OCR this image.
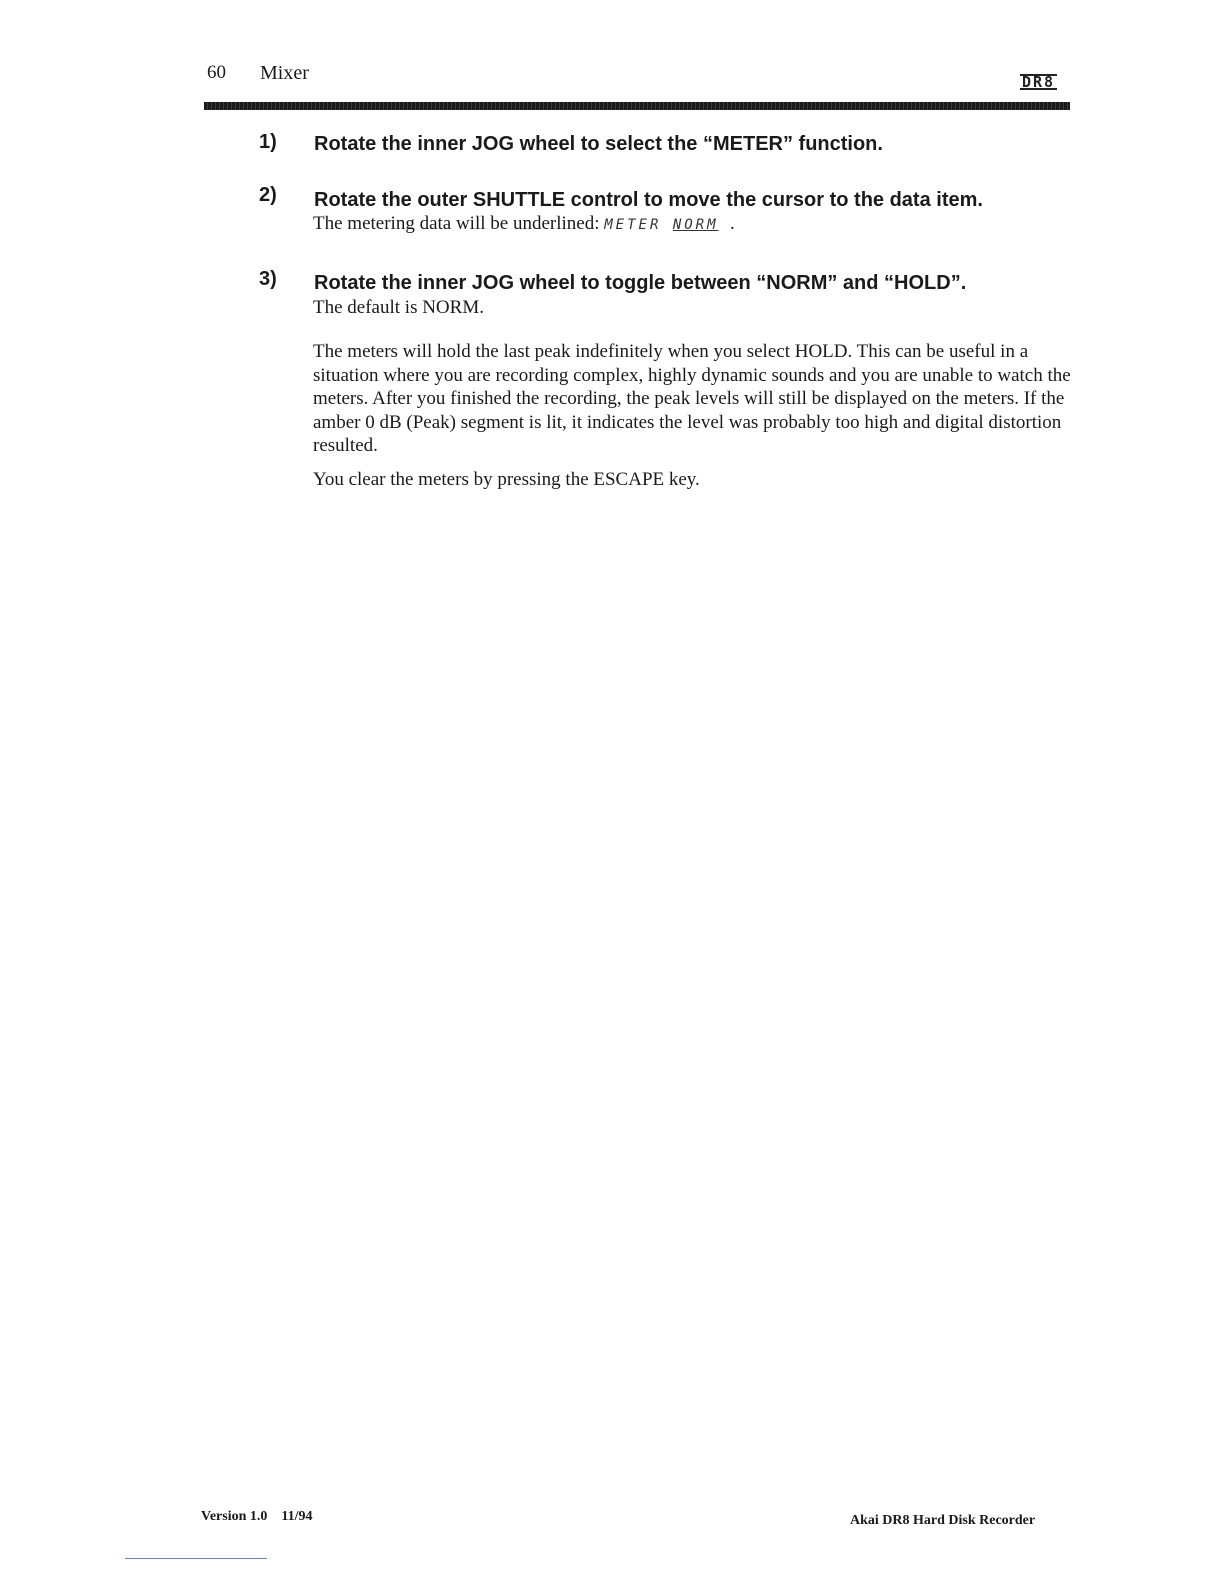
60 Mixer	DR8
1) Rotate the inner JOG wheel to select the “METER” function.
2) Rotate the outer SHUTTLE control to move the cursor to the data item.
The metering data will be underlined: METER NORM .
3) Rotate the inner JOG wheel to toggle between “NORM” and “HOLD”.
The default is NORM.
The meters will hold the last peak indefinitely when you select HOLD. This can be useful in a situation where you are recording complex, highly dynamic sounds and you are unable to watch the meters. After you finished the recording, the peak levels will still be displayed on the meters. If the amber 0 dB (Peak) segment is lit, it indicates the level was probably too high and digital distortion resulted.
You clear the meters by pressing the ESCAPE key.
Version 1.0    11/94	Akai DR8 Hard Disk Recorder
